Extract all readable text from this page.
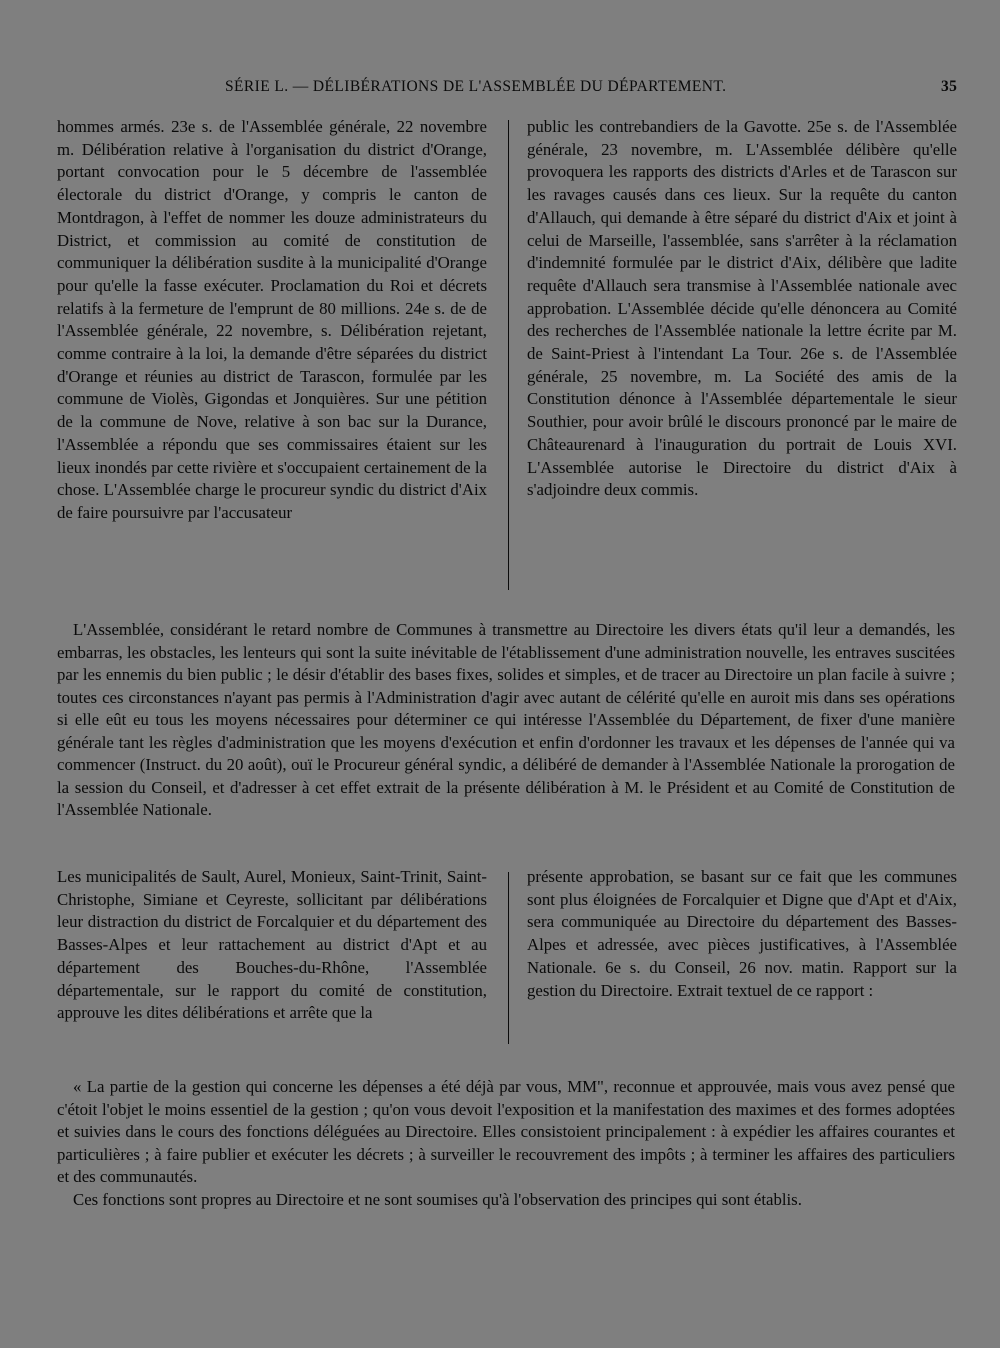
SÉRIE L. — DÉLIBÉRATIONS DE L'ASSEMBLÉE DU DÉPARTEMENT.	35

hommes armés. 23e s. de l'Assemblée générale, 22 novembre m. Délibération relative à l'organisation du district d'Orange, portant convocation pour le 5 décembre de l'assemblée électorale du district d'Orange, y compris le canton de Montdragon, à l'effet de nommer les douze administrateurs du District, et commission au comité de constitution de communiquer la délibération susdite à la municipalité d'Orange pour qu'elle la fasse exécuter. Proclamation du Roi et décrets relatifs à la fermeture de l'emprunt de 80 millions. 24e s. de de l'Assemblée générale, 22 novembre, s. Délibération rejetant, comme contraire à la loi, la demande d'être séparées du district d'Orange et réunies au district de Tarascon, formulée par les commune de Violès, Gigondas et Jonquières. Sur une pétition de la commune de Nove, relative à son bac sur la Durance, l'Assemblée a répondu que ses commissaires étaient sur les lieux inondés par cette rivière et s'occupaient certainement de la chose. L'Assemblée charge le procureur syndic du district d'Aix de faire poursuivre par l'accusateur

public les contrebandiers de la Gavotte. 25e s. de l'Assemblée générale, 23 novembre, m. L'Assemblée délibère qu'elle provoquera les rapports des districts d'Arles et de Tarascon sur les ravages causés dans ces lieux. Sur la requête du canton d'Allauch, qui demande à être séparé du district d'Aix et joint à celui de Marseille, l'assemblée, sans s'arrêter à la réclamation d'indemnité formulée par le district d'Aix, délibère que ladite requête d'Allauch sera transmise à l'Assemblée nationale avec approbation. L'Assemblée décide qu'elle dénoncera au Comité des recherches de l'Assemblée nationale la lettre écrite par M. de Saint-Priest à l'intendant La Tour. 26e s. de l'Assemblée générale, 25 novembre, m. La Société des amis de la Constitution dénonce à l'Assemblée départementale le sieur Southier, pour avoir brûlé le discours prononcé par le maire de Châteaurenard à l'inauguration du portrait de Louis XVI. L'Assemblée autorise le Directoire du district d'Aix à s'adjoindre deux commis.

L'Assemblée, considérant le retard nombre de Communes à transmettre au Directoire les divers états qu'il leur a demandés, les embarras, les obstacles, les lenteurs qui sont la suite inévitable de l'établissement d'une administration nouvelle, les entraves suscitées par les ennemis du bien public ; le désir d'établir des bases fixes, solides et simples, et de tracer au Directoire un plan facile à suivre ; toutes ces circonstances n'ayant pas permis à l'Administration d'agir avec autant de célérité qu'elle en auroit mis dans ses opérations si elle eût eu tous les moyens nécessaires pour déterminer ce qui intéresse l'Assemblée du Département, de fixer d'une manière générale tant les règles d'administration que les moyens d'exécution et enfin d'ordonner les travaux et les dépenses de l'année qui va commencer (Instruct. du 20 août), ouï le Procureur général syndic, a délibéré de demander à l'Assemblée Nationale la prorogation de la session du Conseil, et d'adresser à cet effet extrait de la présente délibération à M. le Président et au Comité de Constitution de l'Assemblée Nationale.

Les municipalités de Sault, Aurel, Monieux, Saint-Trinit, Saint-Christophe, Simiane et Ceyreste, sollicitant par délibérations leur distraction du district de Forcalquier et du département des Basses-Alpes et leur rattachement au district d'Apt et au département des Bouches-du-Rhône, l'Assemblée départementale, sur le rapport du comité de constitution, approuve les dites délibérations et arrête que la

présente approbation, se basant sur ce fait que les communes sont plus éloignées de Forcalquier et Digne que d'Apt et d'Aix, sera communiquée au Directoire du département des Basses-Alpes et adressée, avec pièces justificatives, à l'Assemblée Nationale. 6e s. du Conseil, 26 nov. matin. Rapport sur la gestion du Directoire. Extrait textuel de ce rapport :

« La partie de la gestion qui concerne les dépenses a été déjà par vous, MM", reconnue et approuvée, mais vous avez pensé que c'étoit l'objet le moins essentiel de la gestion ; qu'on vous devoit l'exposition et la manifestation des maximes et des formes adoptées et suivies dans le cours des fonctions déléguées au Directoire. Elles consistoient principalement : à expédier les affaires courantes et particulières ; à faire publier et exécuter les décrets ; à surveiller le recouvrement des impôts ; à terminer les affaires des particuliers et des communautés.

Ces fonctions sont propres au Directoire et ne sont soumises qu'à l'observation des principes qui sont établis.
